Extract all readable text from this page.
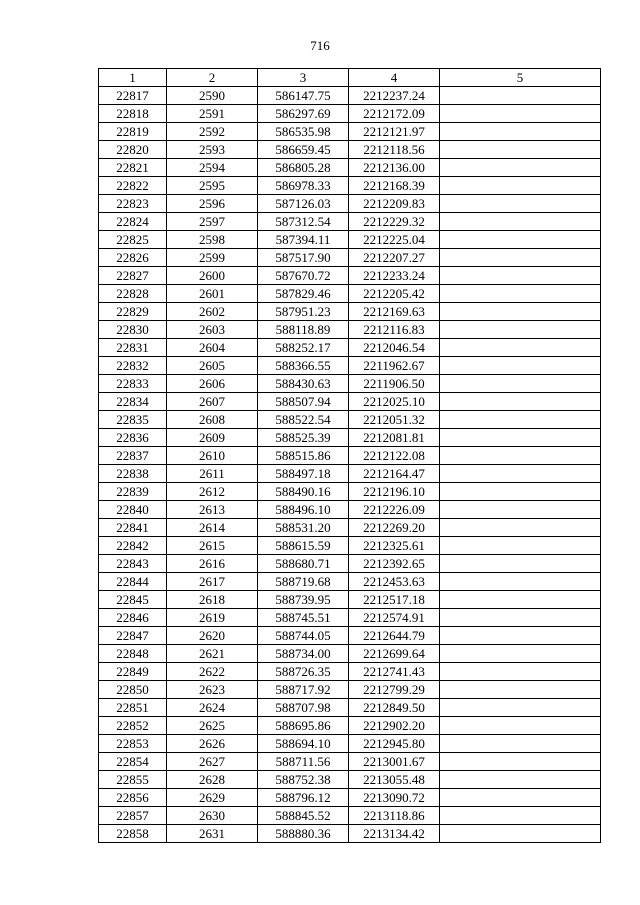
716
1	2	3	4	5
22817	2590	586147.75	2212237.24	
22818	2591	586297.69	2212172.09	
22819	2592	586535.98	2212121.97	
22820	2593	586659.45	2212118.56	
22821	2594	586805.28	2212136.00	
22822	2595	586978.33	2212168.39	
22823	2596	587126.03	2212209.83	
22824	2597	587312.54	2212229.32	
22825	2598	587394.11	2212225.04	
22826	2599	587517.90	2212207.27	
22827	2600	587670.72	2212233.24	
22828	2601	587829.46	2212205.42	
22829	2602	587951.23	2212169.63	
22830	2603	588118.89	2212116.83	
22831	2604	588252.17	2212046.54	
22832	2605	588366.55	2211962.67	
22833	2606	588430.63	2211906.50	
22834	2607	588507.94	2212025.10	
22835	2608	588522.54	2212051.32	
22836	2609	588525.39	2212081.81	
22837	2610	588515.86	2212122.08	
22838	2611	588497.18	2212164.47	
22839	2612	588490.16	2212196.10	
22840	2613	588496.10	2212226.09	
22841	2614	588531.20	2212269.20	
22842	2615	588615.59	2212325.61	
22843	2616	588680.71	2212392.65	
22844	2617	588719.68	2212453.63	
22845	2618	588739.95	2212517.18	
22846	2619	588745.51	2212574.91	
22847	2620	588744.05	2212644.79	
22848	2621	588734.00	2212699.64	
22849	2622	588726.35	2212741.43	
22850	2623	588717.92	2212799.29	
22851	2624	588707.98	2212849.50	
22852	2625	588695.86	2212902.20	
22853	2626	588694.10	2212945.80	
22854	2627	588711.56	2213001.67	
22855	2628	588752.38	2213055.48	
22856	2629	588796.12	2213090.72	
22857	2630	588845.52	2213118.86	
22858	2631	588880.36	2213134.42	
